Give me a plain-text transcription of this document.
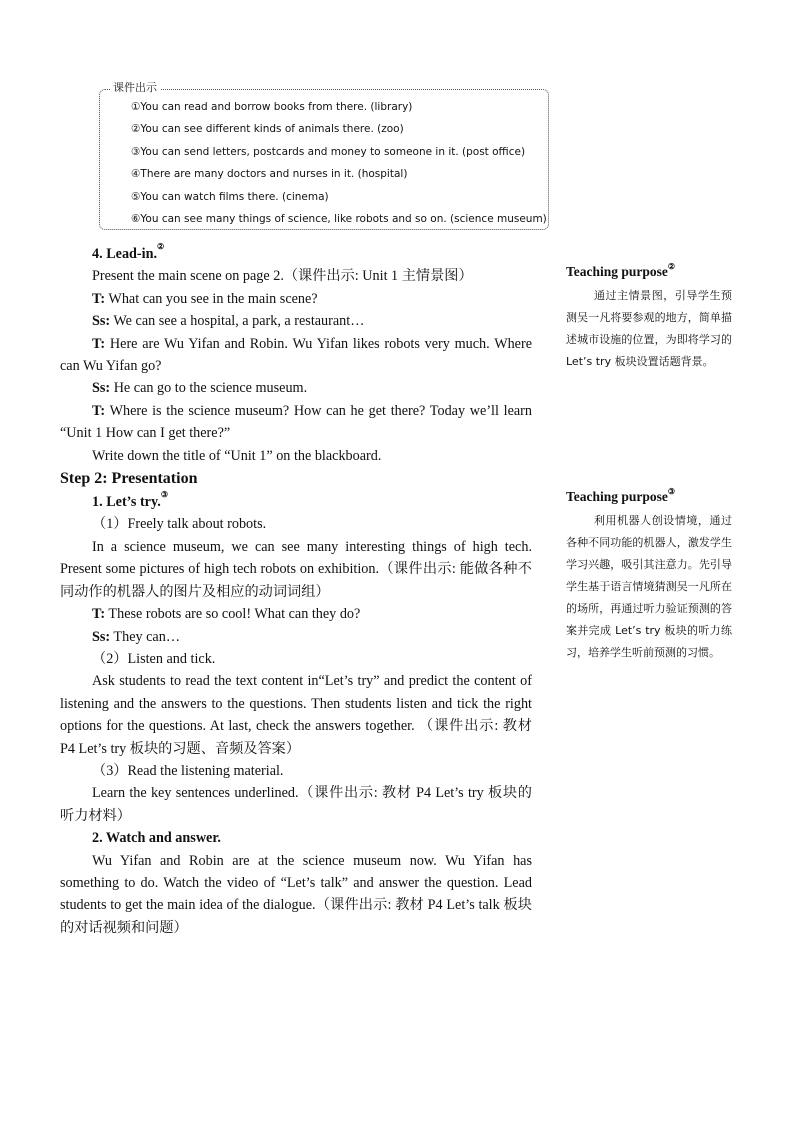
课件出示
①You can read and borrow books from there. (library)
②You can see different kinds of animals there. (zoo)
③You can send letters, postcards and money to someone in it. (post office)
④There are many doctors and nurses in it. (hospital)
⑤You can watch films there. (cinema)
⑥You can see many things of science, like robots and so on. (science museum)

4. Lead-in.②

Present the main scene on page 2.（课件出示: Unit 1 主情景图）

T: What can you see in the main scene?

Ss: We can see a hospital, a park, a restaurant…

T: Here are Wu Yifan and Robin. Wu Yifan likes robots very much. Where can Wu Yifan go?

Ss: He can go to the science museum.

T: Where is the science museum? How can he get there? Today we’ll learn “Unit 1 How can I get there?”

Write down the title of “Unit 1” on the blackboard.

Step 2: Presentation

1. Let’s try.③

（1）Freely talk about robots.

In a science museum, we can see many interesting things of high tech. Present some pictures of high tech robots on exhibition.（课件出示: 能做各种不同动作的机器人的图片及相应的动词词组）

T: These robots are so cool! What can they do?

Ss: They can…

（2）Listen and tick.

Ask students to read the text content in“Let’s try” and predict the content of listening and the answers to the questions. Then students listen and tick the right options for the questions. At last, check the answers together. （课件出示: 教材 P4 Let’s try 板块的习题、音频及答案）

（3）Read the listening material.

Learn the key sentences underlined.（课件出示: 教材 P4 Let’s try 板块的听力材料）

2. Watch and answer.

Wu Yifan and Robin are at the science museum now. Wu Yifan has something to do. Watch the video of “Let’s talk” and answer the question. Lead students to get the main idea of the dialogue.（课件出示: 教材 P4 Let’s talk 板块的对话视频和问题）

Teaching purpose②

通过主情景图，引导学生预测吴一凡将要参观的地方，简单描述城市设施的位置，为即将学习的 Let’s try 板块设置话题背景。

Teaching purpose③

利用机器人创设情境，通过各种不同功能的机器人，激发学生学习兴趣，吸引其注意力。先引导学生基于语言情境猜测吴一凡所在的场所，再通过听力验证预测的答案并完成 Let’s try 板块的听力练习，培养学生听前预测的习惯。
